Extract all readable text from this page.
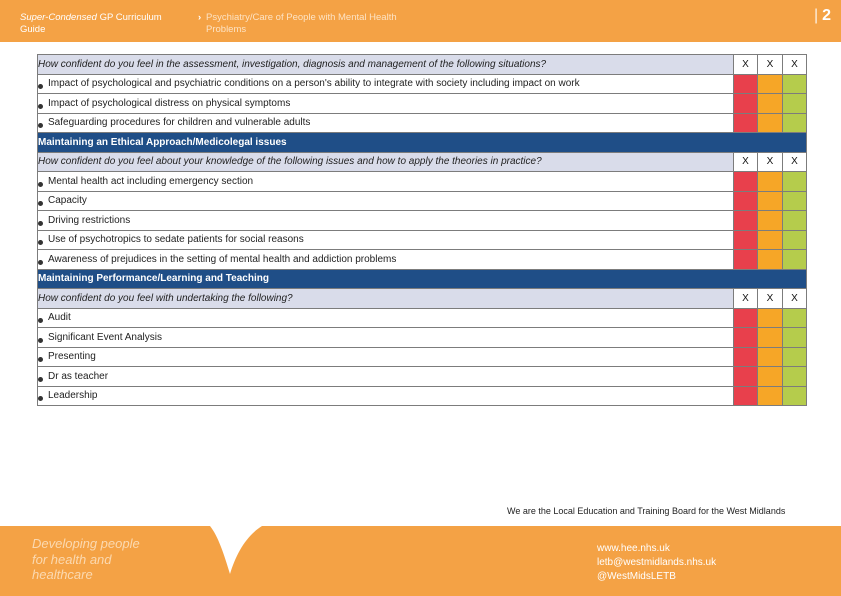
Super-Condensed GP Curriculum
Guide
› Psychiatry/Care of People with Mental Health
Problems
| 2
How confident do you feel in the assessment, investigation, diagnosis and management of the following situations?	X	X	X
Impact of psychological and psychiatric conditions on a person's ability to integrate with society including impact on work			
Impact of psychological distress on physical symptoms			
Safeguarding procedures for children and vulnerable adults			
Maintaining an Ethical Approach/Medicolegal issues			
How confident do you feel about your knowledge of the following issues and how to apply the theories in practice?	X	X	X
Mental health act including emergency section			
Capacity			
Driving restrictions			
Use of psychotropics to sedate patients for social reasons			
Awareness of prejudices in the setting of mental health and addiction problems			
Maintaining Performance/Learning and Teaching			
How confident do you feel with undertaking the following?	X	X	X
Audit			
Significant Event Analysis			
Presenting			
Dr as teacher			
Leadership			
We are the Local Education and Training Board for the West Midlands
Developing people
for health and
healthcare
www.hee.nhs.uk
letb@westmidlands.nhs.uk
@WestMidsLETB
